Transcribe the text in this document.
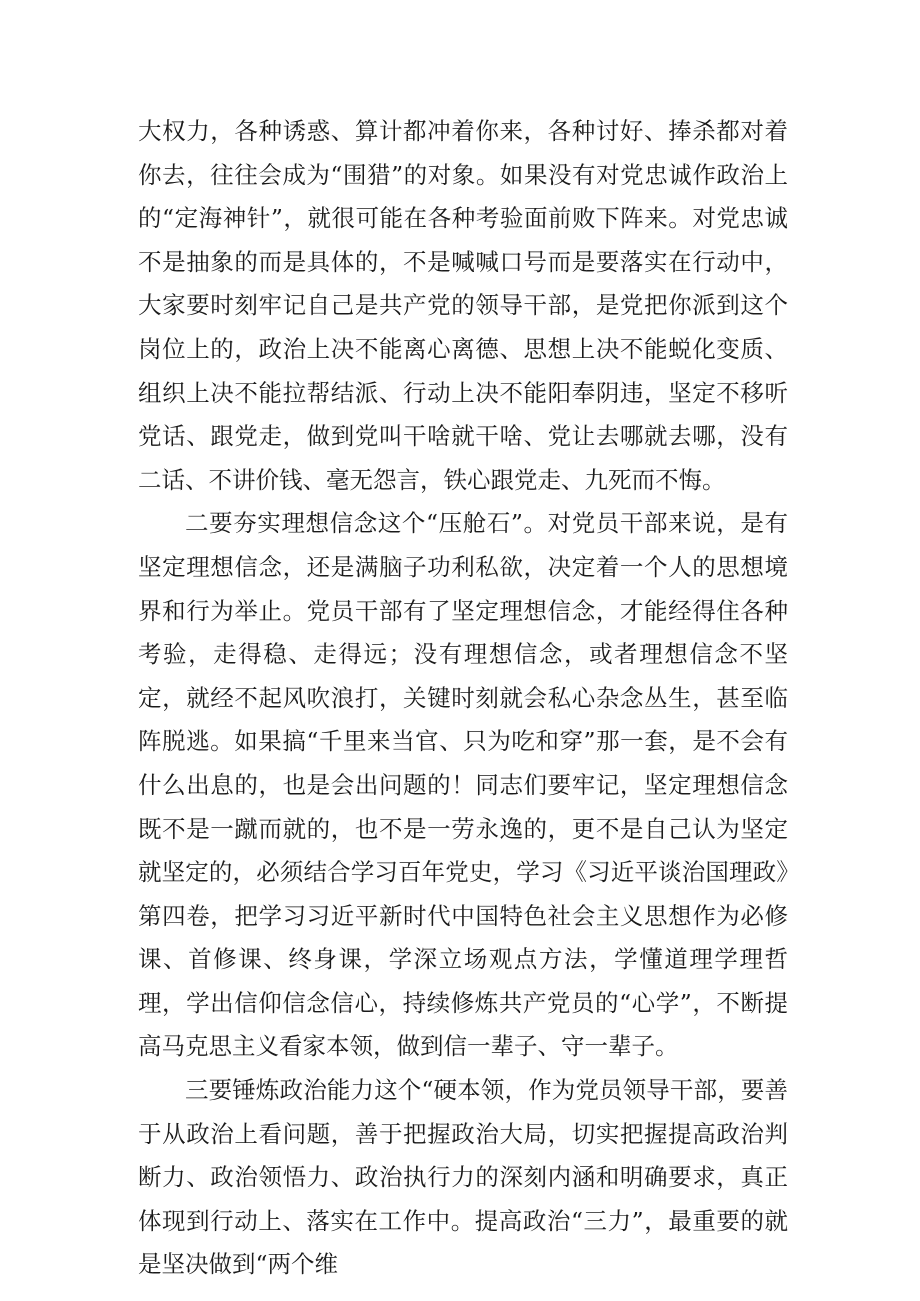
大权力，各种诱惑、算计都冲着你来，各种讨好、捧杀都对着你去，往往会成为“围猎”的对象。如果没有对党忠诚作政治上的“定海神针”，就很可能在各种考验面前败下阵来。对党忠诚不是抽象的而是具体的，不是喊喊口号而是要落实在行动中，大家要时刻牢记自己是共产党的领导干部，是党把你派到这个岗位上的，政治上决不能离心离德、思想上决不能蜕化变质、组织上决不能拉帮结派、行动上决不能阳奉阴违，坚定不移听党话、跟党走，做到党叫干啥就干啥、党让去哪就去哪，没有二话、不讲价钱、毫无怨言，铁心跟党走、九死而不悔。

二要夯实理想信念这个“压舱石”。对党员干部来说，是有坚定理想信念，还是满脑子功利私欲，决定着一个人的思想境界和行为举止。党员干部有了坚定理想信念，才能经得住各种考验，走得稳、走得远；没有理想信念，或者理想信念不坚定，就经不起风吹浪打，关键时刻就会私心杂念丛生，甚至临阵脱逃。如果搞“千里来当官、只为吃和穿”那一套，是不会有什么出息的，也是会出问题的！同志们要牢记，坚定理想信念既不是一蹴而就的，也不是一劳永逸的，更不是自己认为坚定就坚定的，必须结合学习百年党史，学习《习近平谈治国理政》第四卷，把学习习近平新时代中国特色社会主义思想作为必修课、首修课、终身课，学深立场观点方法，学懂道理学理哲理，学出信仰信念信心，持续修炼共产党员的“心学”，不断提高马克思主义看家本领，做到信一辈子、守一辈子。

三要锤炼政治能力这个“硬本领，作为党员领导干部，要善于从政治上看问题，善于把握政治大局，切实把握提高政治判断力、政治领悟力、政治执行力的深刻内涵和明确要求，真正体现到行动上、落实在工作中。提高政治“三力”，最重要的就是坚决做到“两个维
